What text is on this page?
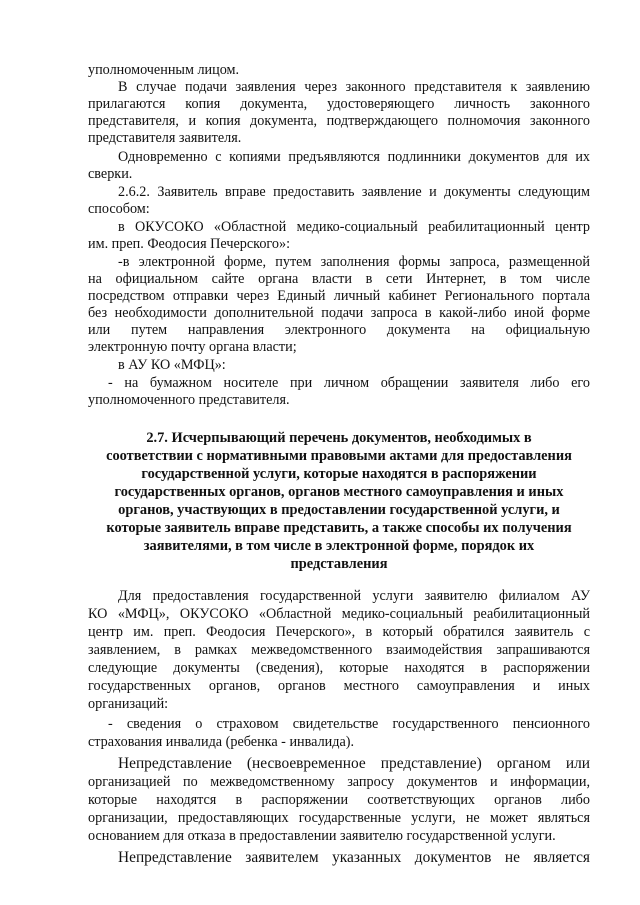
уполномоченным лицом.
В случае подачи заявления через законного представителя к заявлению
прилагаются копия документа, удостоверяющего личность законного
представителя, и копия документа, подтверждающего полномочия законного
представителя заявителя.
Одновременно с копиями предъявляются подлинники документов для их
сверки.
2.6.2. Заявитель вправе предоставить заявление и документы следующим
способом:
в ОКУСОКО «Областной медико-социальный реабилитационный центр
им. преп. Феодосия Печерского»:
-в электронной форме, путем заполнения формы запроса, размещенной
на официальном сайте органа власти в сети Интернет, в том числе
посредством отправки через Единый личный кабинет Регионального портала
без необходимости дополнительной подачи запроса в какой-либо иной форме
или путем направления электронного документа на официальную
электронную почту органа власти;
в АУ КО «МФЦ»:
- на бумажном носителе при личном обращении заявителя либо его
уполномоченного представителя.
2.7. Исчерпывающий перечень документов, необходимых в
соответствии с нормативными правовыми актами для предоставления
государственной услуги, которые находятся в распоряжении
государственных органов, органов местного самоуправления и иных
органов, участвующих в предоставлении государственной услуги, и
которые заявитель вправе представить, а также способы их получения
заявителями, в том числе в электронной форме, порядок их
представления
Для предоставления государственной услуги заявителю филиалом АУ
КО «МФЦ», ОКУСОКО «Областной медико-социальный реабилитационный
центр им. преп. Феодосия Печерского», в который обратился заявитель с
заявлением, в рамках межведомственного взаимодействия запрашиваются
следующие документы (сведения), которые находятся в распоряжении
государственных органов, органов местного самоуправления и иных
организаций:
- сведения о страховом свидетельстве государственного пенсионного
страхования инвалида (ребенка - инвалида).
Непредставление (несвоевременное представление) органом или
организацией по межведомственному запросу документов и информации,
которые находятся в распоряжении соответствующих органов либо
организации, предоставляющих государственные услуги, не может являться
основанием для отказа в предоставлении заявителю государственной услуги.
Непредставление заявителем указанных документов не является
